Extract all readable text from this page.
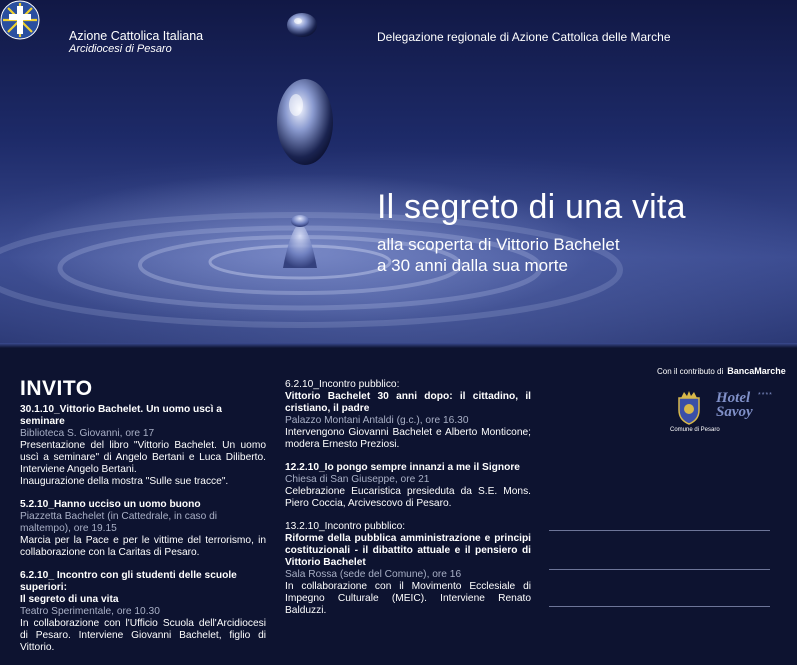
Azione Cattolica Italiana
Arcidiocesi di Pesaro
Delegazione regionale di Azione Cattolica delle Marche
Il segreto di una vita
alla scoperta di Vittorio Bachelet
a 30 anni dalla sua morte
INVITO
30.1.10_Vittorio Bachelet. Un uomo uscì a seminare
Biblioteca S. Giovanni, ore 17
Presentazione del libro "Vittorio Bachelet. Un uomo uscì a seminare" di Angelo Bertani e Luca Diliberto. Interviene Angelo Bertani.
Inaugurazione della mostra "Sulle sue tracce".
5.2.10_Hanno ucciso un uomo buono
Piazzetta Bachelet (in Cattedrale, in caso di maltempo), ore 19.15
Marcia per la Pace e per le vittime del terrorismo, in collaborazione con la Caritas di Pesaro.
6.2.10_ Incontro con gli studenti delle scuole superiori:
Il segreto di una vita
Teatro Sperimentale, ore 10.30
In collaborazione con l'Ufficio Scuola dell'Arcidiocesi di Pesaro. Interviene Giovanni Bachelet, figlio di Vittorio.
6.2.10_Incontro pubblico:
Vittorio Bachelet 30 anni dopo: il cittadino, il cristiano, il padre
Palazzo Montani Antaldi (g.c.), ore 16.30
Intervengono Giovanni Bachelet e Alberto Monticone; modera Ernesto Preziosi.
12.2.10_Io pongo sempre innanzi a me il Signore
Chiesa di San Giuseppe, ore 21
Celebrazione Eucaristica presieduta da S.E. Mons. Piero Coccia, Arcivescovo di Pesaro.
13.2.10_Incontro pubblico:
Riforme della pubblica amministrazione e principi costituzionali - il dibattito attuale e il pensiero di Vittorio Bachelet
Sala Rossa (sede del Comune), ore 16
In collaborazione con il Movimento Ecclesiale di Impegno Culturale (MEIC). Interviene Renato Balduzzi.
Con il contributo di BancaMarche
Comune di Pesaro
Hotel
Savoy
****
